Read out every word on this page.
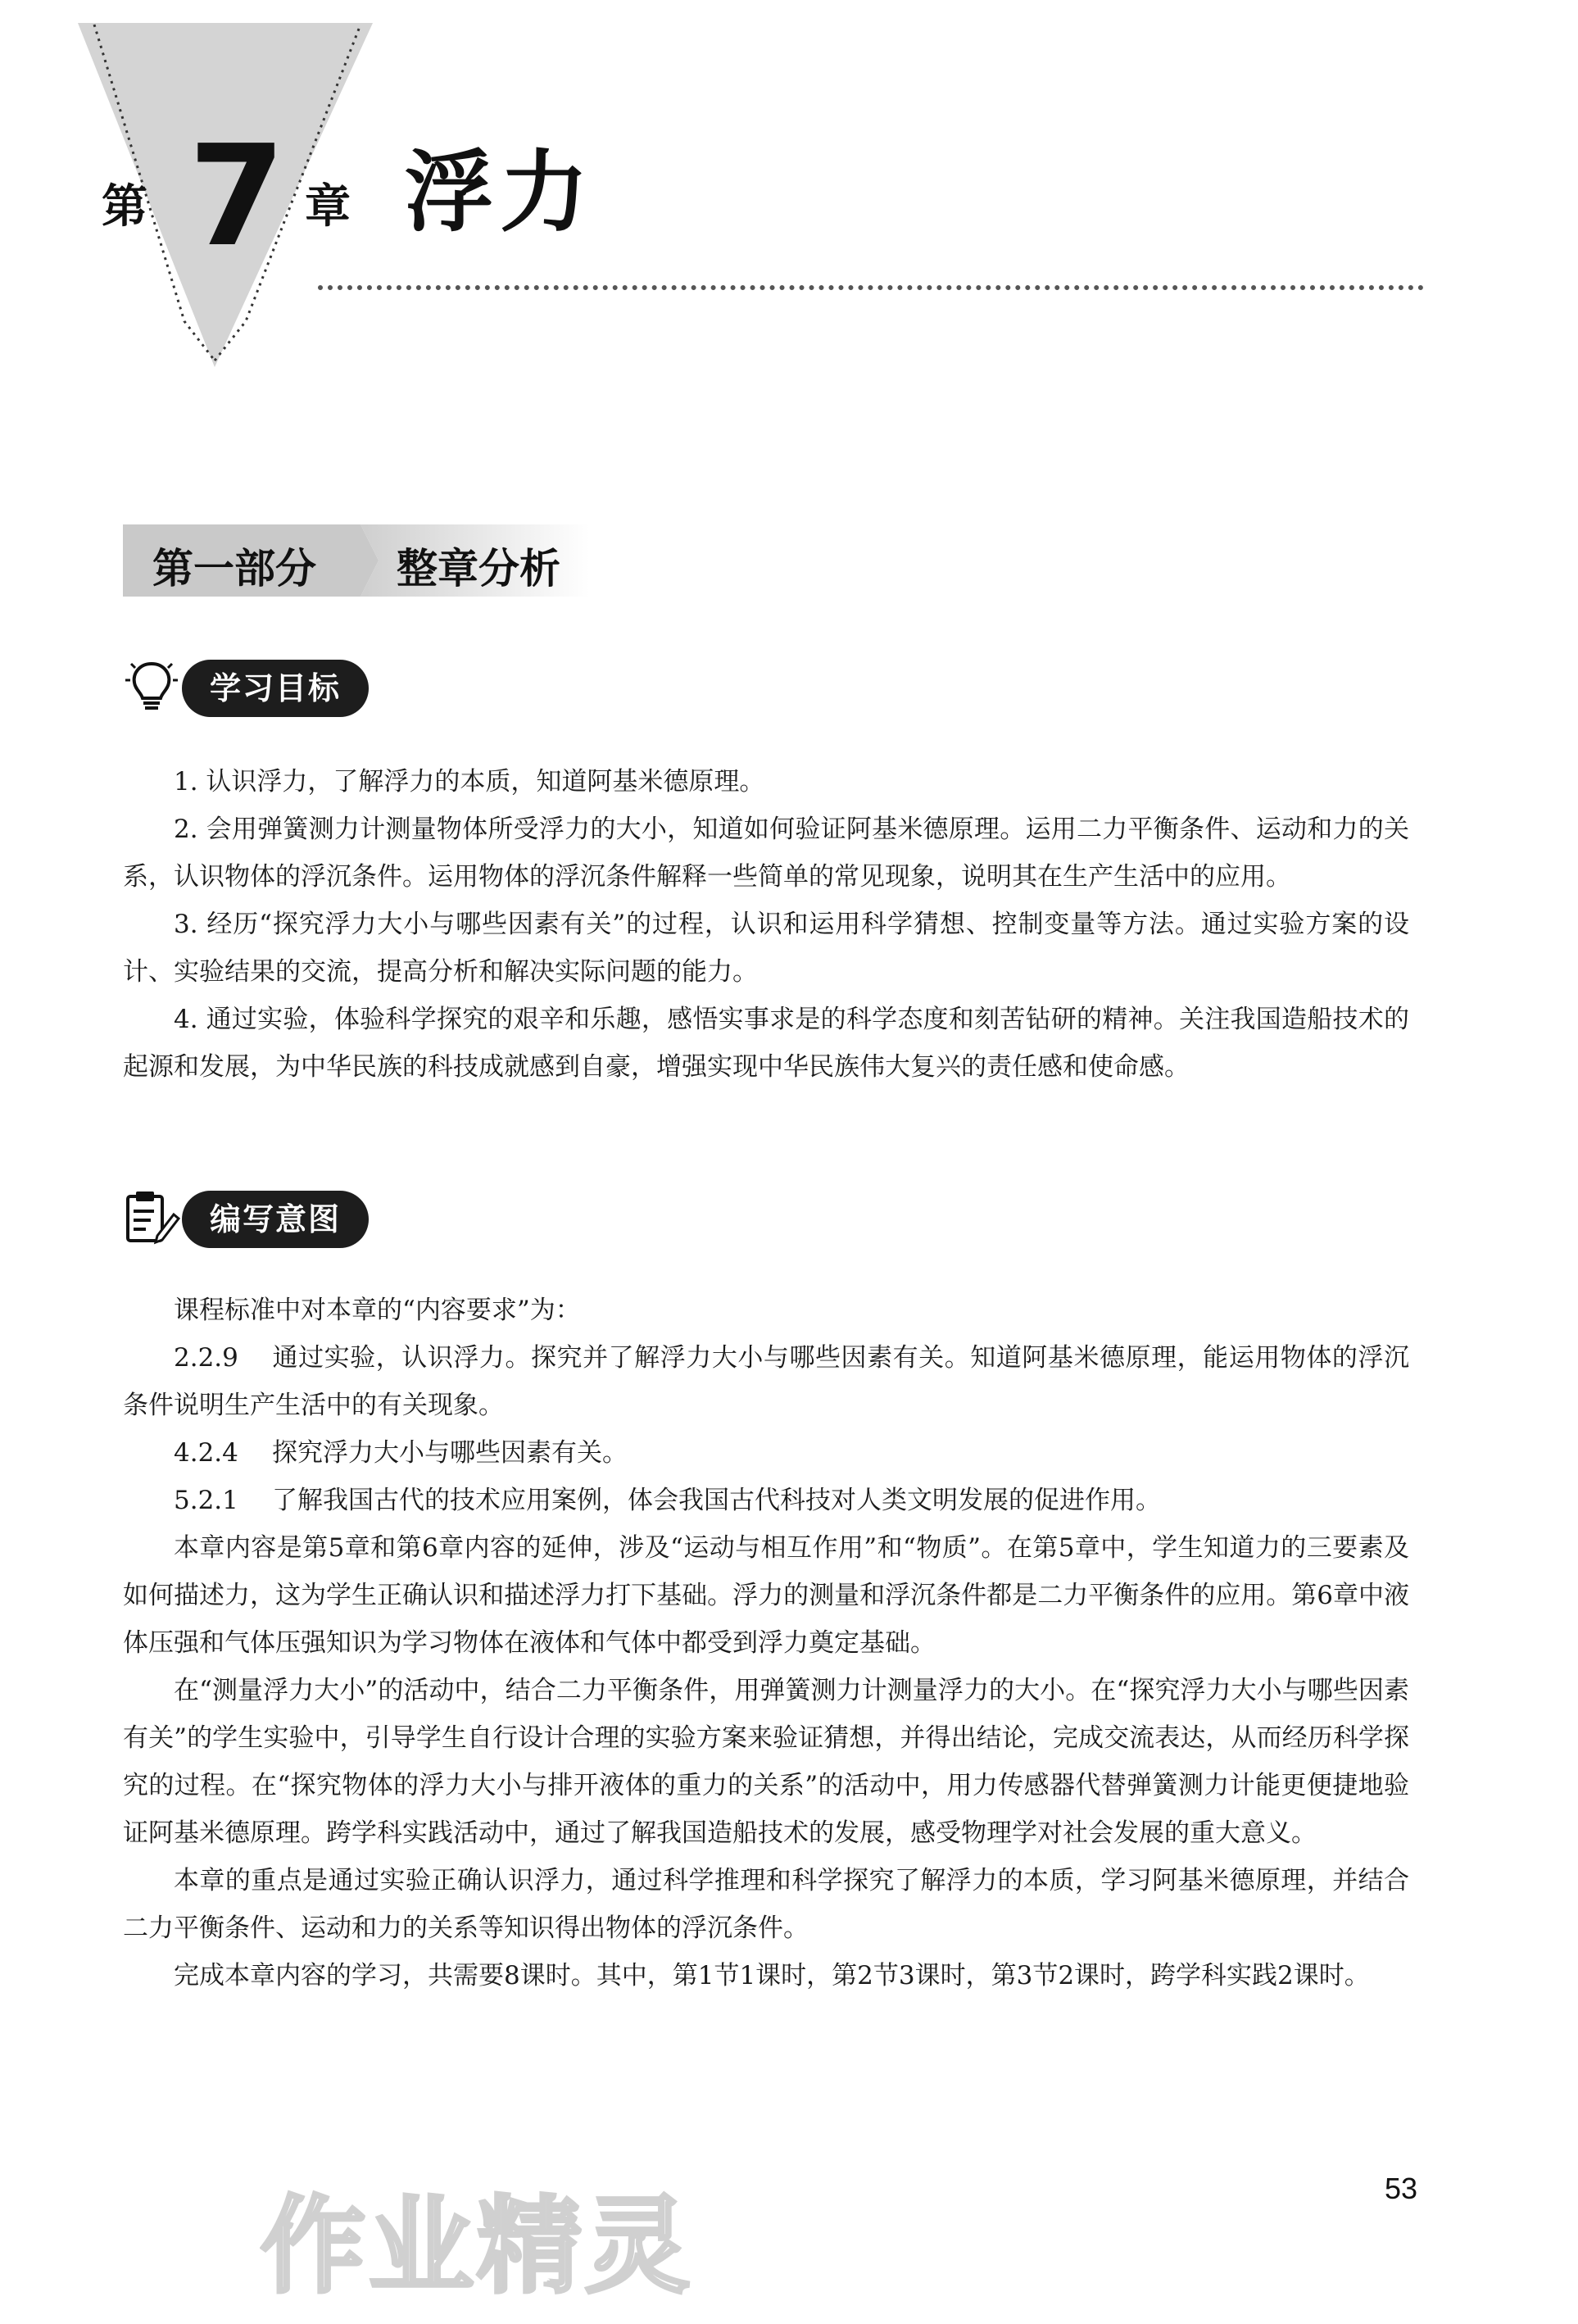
第 7 章 浮力
第一部分 整章分析
学习目标

1. 认识浮力，了解浮力的本质，知道阿基米德原理。

2. 会用弹簧测力计测量物体所受浮力的大小，知道如何验证阿基米德原理。运用二力平衡条件、运动和力的关系，认识物体的浮沉条件。运用物体的浮沉条件解释一些简单的常见现象，说明其在生产生活中的应用。

3. 经历“探究浮力大小与哪些因素有关”的过程，认识和运用科学猜想、控制变量等方法。通过实验方案的设计、实验结果的交流，提高分析和解决实际问题的能力。

4. 通过实验，体验科学探究的艰辛和乐趣，感悟实事求是的科学态度和刻苦钻研的精神。关注我国造船技术的起源和发展，为中华民族的科技成就感到自豪，增强实现中华民族伟大复兴的责任感和使命感。

编写意图

课程标准中对本章的“内容要求”为：

2.2.9 通过实验，认识浮力。探究并了解浮力大小与哪些因素有关。知道阿基米德原理，能运用物体的浮沉条件说明生产生活中的有关现象。

4.2.4 探究浮力大小与哪些因素有关。

5.2.1 了解我国古代的技术应用案例，体会我国古代科技对人类文明发展的促进作用。

本章内容是第5章和第6章内容的延伸，涉及“运动与相互作用”和“物质”。在第5章中，学生知道力的三要素及如何描述力，这为学生正确认识和描述浮力打下基础。浮力的测量和浮沉条件都是二力平衡条件的应用。第6章中液体压强和气体压强知识为学习物体在液体和气体中都受到浮力奠定基础。

在“测量浮力大小”的活动中，结合二力平衡条件，用弹簧测力计测量浮力的大小。在“探究浮力大小与哪些因素有关”的学生实验中，引导学生自行设计合理的实验方案来验证猜想，并得出结论，完成交流表达，从而经历科学探究的过程。在“探究物体的浮力大小与排开液体的重力的关系”的活动中，用力传感器代替弹簧测力计能更便捷地验证阿基米德原理。跨学科实践活动中，通过了解我国造船技术的发展，感受物理学对社会发展的重大意义。

本章的重点是通过实验正确认识浮力，通过科学推理和科学探究了解浮力的本质，学习阿基米德原理，并结合二力平衡条件、运动和力的关系等知识得出物体的浮沉条件。

完成本章内容的学习，共需要8课时。其中，第1节1课时，第2节3课时，第3节2课时，跨学科实践2课时。

作业精灵	53
